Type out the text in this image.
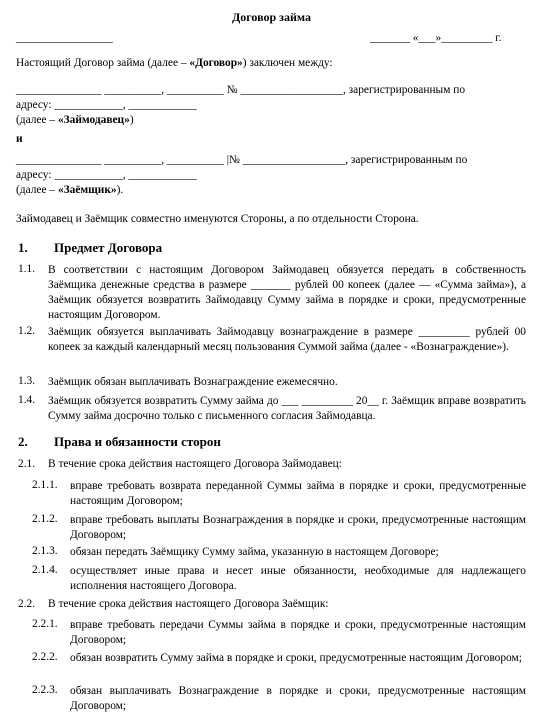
Договор займа
_________________	_______ «___»_________ г.
Настоящий Договор займа (далее – «Договор») заключен между:
_______________ __________, __________ № __________________, зарегистрированным по
адресу: ____________, ____________
(далее – «Займодавец»)
и
_______________ __________, __________ |№ __________________, зарегистрированным по
адресу: ____________, ____________
(далее – «Заёмщик»).
Займодавец и Заёмщик совместно именуются Стороны, а по отдельности Сторона.
1. Предмет Договора
1.1. В соответствии с настоящим Договором Займодавец обязуется передать в собственность Заёмщика денежные средства в размере _______ рублей 00 копеек (далее — «Сумма займа»), а Заёмщик обязуется возвратить Займодавцу Сумму займа в порядке и сроки, предусмотренные настоящим Договором.
1.2. Заёмщик обязуется выплачивать Займодавцу вознаграждение в размере _________ рублей 00 копеек за каждый календарный месяц пользования Суммой займа (далее - «Вознаграждение»).
1.3. Заёмщик обязан выплачивать Вознаграждение ежемесячно.
1.4. Заёмщик обязуется возвратить Сумму займа до ___ _________ 20__ г. Заёмщик вправе возвратить Сумму займа досрочно только с письменного согласия Займодавца.
2. Права и обязанности сторон
2.1. В течение срока действия настоящего Договора Займодавец:
2.1.1. вправе требовать возврата переданной Суммы займа в порядке и сроки, предусмотренные настоящим Договором;
2.1.2. вправе требовать выплаты Вознаграждения в порядке и сроки, предусмотренные настоящим Договором;
2.1.3. обязан передать Заёмщику Сумму займа, указанную в настоящем Договоре;
2.1.4. осуществляет иные права и несет иные обязанности, необходимые для надлежащего исполнения настоящего Договора.
2.2. В течение срока действия настоящего Договора Заёмщик:
2.2.1. вправе требовать передачи Суммы займа в порядке и сроки, предусмотренные настоящим Договором;
2.2.2. обязан возвратить Сумму займа в порядке и сроки, предусмотренные настоящим Договором;
2.2.3. обязан выплачивать Вознаграждение в порядке и сроки, предусмотренные настоящим Договором;
